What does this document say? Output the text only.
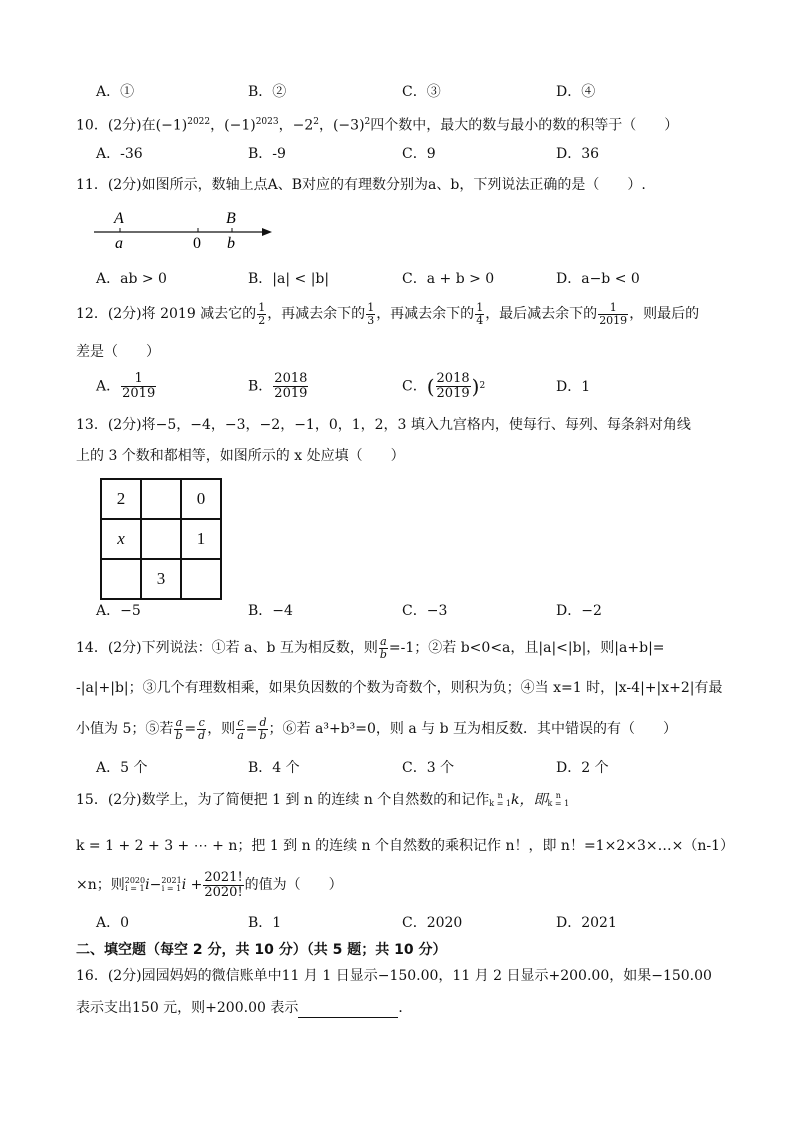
A．①	B．②	C．③	D．④
10．(2分)在$(-1)^{2022}$，$(-1)^{2023}$，$-2^2$，$(-3)^2$四个数中，最大的数与最小的数的积等于（　　）
A．-36	B．-9	C．9	D．36
11．(2分)如图所示，数轴上点A、B对应的有理数分别为a、b，下列说法正确的是（　　）.
A	B
a	0 b
A．ab > 0	B．|a| < |b|	C．a + b > 0	D．a−b < 0
12．(2分)将 2019 减去它的 $\frac{1}{2}$ ，再减去余下的 $\frac{1}{3}$ ，再减去余下的 $\frac{1}{4}$ ，最后减去余下的 $\frac{1}{2019}$ ，则最后的
差是（　　）
A． $\frac{1}{2019}$	B． $\frac{2018}{2019}$	C．( $\frac{2018}{2019} )^2$	D．1
13．(2分)将−5，−4，−3，−2，−1，0，1，2，3 填入九宫格内，使每行、每列、每条斜对角线
上的 3 个数和都相等，如图所示的 x 处应填（　　）
2		0
x		1
	3	
A．−5	B．−4	C．−3	D．−2
14．(2分)下列说法：①若 a、b 互为相反数，则 $\frac{a}{b} =-1$；②若 b<0<a，且|a|<|b|，则|a+b|=
-|a|+|b|；③几个有理数相乘，如果负因数的个数为奇数个，则积为负；④当 x=1 时，|x-4|+|x+2|有最
小值为 5；⑤若 $\frac{a}{b} = \frac{c}{d}$ ，则 $\frac{c}{a} = \frac{d}{b}$ ；⑥若 a³+b³=0，则 a 与 b 互为相反数．其中错误的有（　　）
A．5 个	B．4 个	C．3 个	D．2 个
15．(2分)数学上，为了简便把 1 到 n 的连续 n 个自然数的和记作	n
k = 1 k，即	n
k = 1
k = 1 + 2 + 3 + ⋯ + n；把 1 到 n 的连续 n 个自然数的乘积记作 n！，即 n！=1×2×3×…×（n-1）
×n；则 2020
i = 1 i− 2021
i = 1 $i + \frac{2021!}{2020!}$ 的值为（　　）
A．0	B．1	C．2020	D．2021
二、填空题（每空 2 分，共 10 分）（共 5 题；共 10 分）
16．(2分)园园妈妈的微信账单中11 月 1 日显示−150.00，11 月 2 日显示+200.00，如果−150.00
表示支出150 元，则+200.00 表示	．
